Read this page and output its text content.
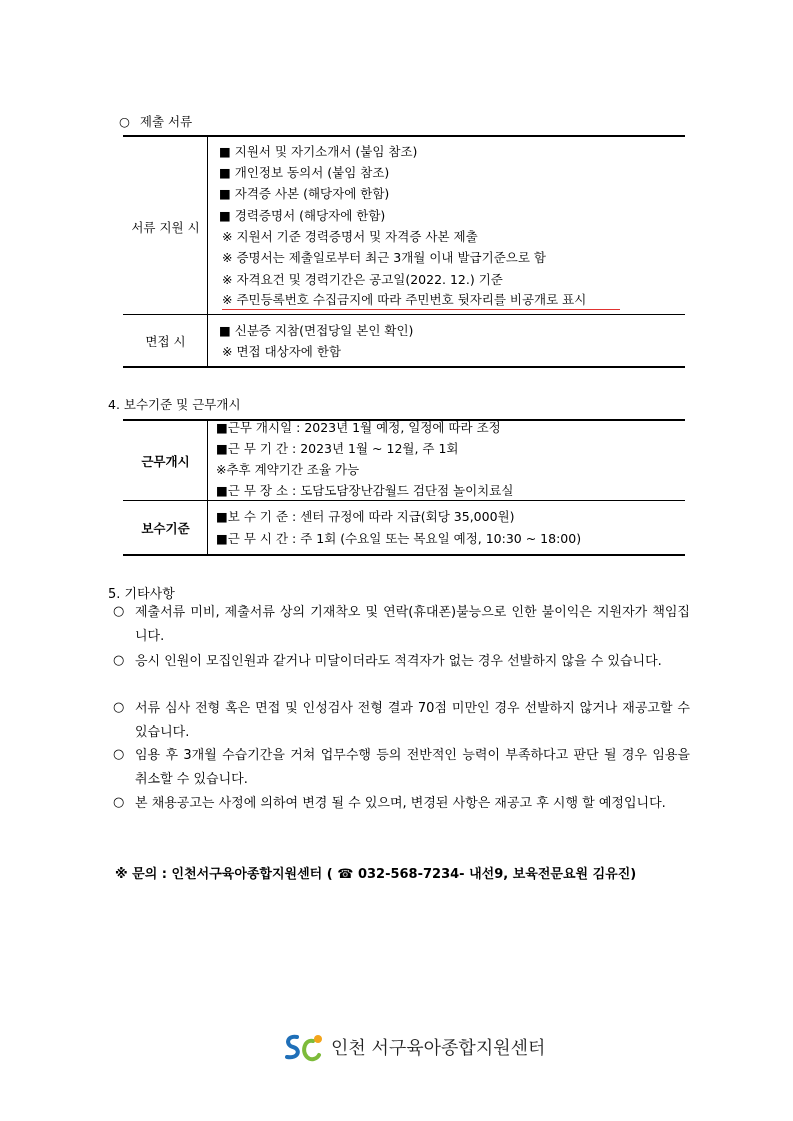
○ 제출 서류
서류 지원 시
면접 시
■ 지원서 및 자기소개서 (붙임 참조)
■ 개인정보 동의서 (붙임 참조)
■ 자격증 사본 (해당자에 한함)
■ 경력증명서 (해당자에 한함)
※ 지원서 기준 경력증명서 및 자격증 사본 제출
※ 증명서는 제출일로부터 최근 3개월 이내 발급기준으로 함
※ 자격요건 및 경력기간은 공고일(2022. 12.) 기준
※ 주민등록번호 수집금지에 따라 주민번호 뒷자리를 비공개로 표시
■ 신분증 지참(면접당일 본인 확인)
※ 면접 대상자에 한함
4. 보수기준 및 근무개시
근무개시
보수기준
■근무 개시일 : 2023년 1월 예정, 일정에 따라 조정
■근 무 기 간 : 2023년 1월 ~ 12월, 주 1회
※추후 계약기간 조율 가능
■근 무 장 소 : 도담도담장난감월드 검단점 놀이치료실
■보 수 기 준 : 센터 규정에 따라 지급(회당 35,000원)
■근 무 시 간 : 주 1회 (수요일 또는 목요일 예정, 10:30 ~ 18:00)
5. 기타사항
○ 제출서류 미비, 제출서류 상의 기재착오 및 연락(휴대폰)불능으로 인한 불이익은 지원자가 책임집니다.
○ 응시 인원이 모집인원과 같거나 미달이더라도 적격자가 없는 경우 선발하지 않을 수 있습니다.
○ 서류 심사 전형 혹은 면접 및 인성검사 전형 결과 70점 미만인 경우 선발하지 않거나 재공고할 수 있습니다.
○ 임용 후 3개월 수습기간을 거쳐 업무수행 등의 전반적인 능력이 부족하다고 판단 될 경우 임용을 취소할 수 있습니다.
○ 본 채용공고는 사정에 의하여 변경 될 수 있으며, 변경된 사항은 재공고 후 시행 할 예정입니다.
※ 문의 : 인천서구육아종합지원센터 ( ☎ 032-568-7234- 내선9, 보육전문요원 김유진)
인천 서구육아종합지원센터
